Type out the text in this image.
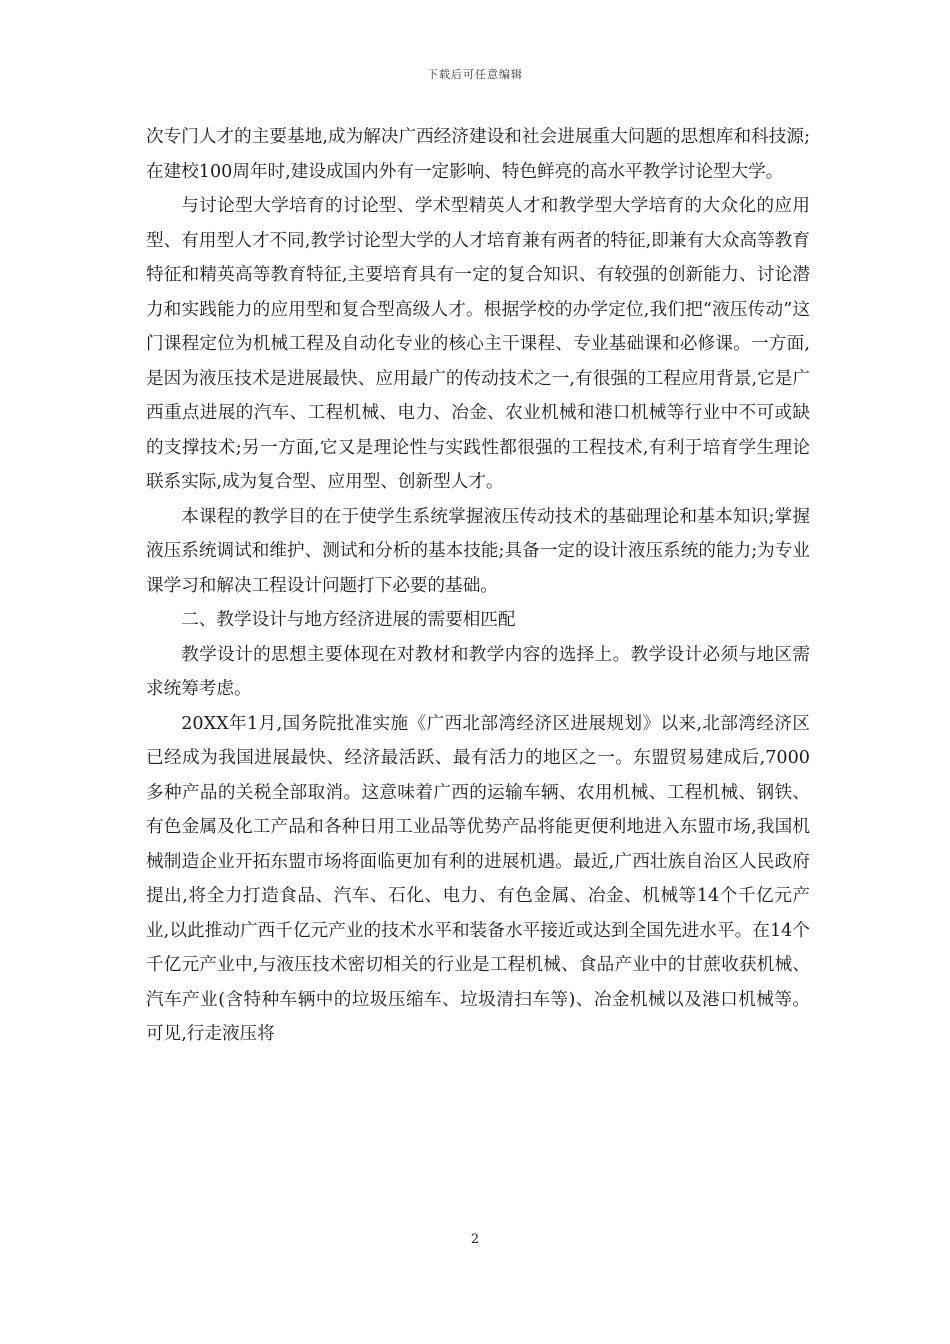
下载后可任意编辑

次专门人才的主要基地,成为解决广西经济建设和社会进展重大问题的思想库和科技源;在建校100周年时,建设成国内外有一定影响、特色鲜亮的高水平教学讨论型大学。

与讨论型大学培育的讨论型、学术型精英人才和教学型大学培育的大众化的应用型、有用型人才不同,教学讨论型大学的人才培育兼有两者的特征,即兼有大众高等教育特征和精英高等教育特征,主要培育具有一定的复合知识、有较强的创新能力、讨论潜力和实践能力的应用型和复合型高级人才。根据学校的办学定位,我们把“液压传动”这门课程定位为机械工程及自动化专业的核心主干课程、专业基础课和必修课。一方面,是因为液压技术是进展最快、应用最广的传动技术之一,有很强的工程应用背景,它是广西重点进展的汽车、工程机械、电力、冶金、农业机械和港口机械等行业中不可或缺的支撑技术;另一方面,它又是理论性与实践性都很强的工程技术,有利于培育学生理论联系实际,成为复合型、应用型、创新型人才。

本课程的教学目的在于使学生系统掌握液压传动技术的基础理论和基本知识;掌握液压系统调试和维护、测试和分析的基本技能;具备一定的设计液压系统的能力;为专业课学习和解决工程设计问题打下必要的基础。

二、教学设计与地方经济进展的需要相匹配

教学设计的思想主要体现在对教材和教学内容的选择上。教学设计必须与地区需求统筹考虑。

20XX年1月,国务院批准实施《广西北部湾经济区进展规划》以来,北部湾经济区已经成为我国进展最快、经济最活跃、最有活力的地区之一。东盟贸易建成后,7000多种产品的关税全部取消。这意味着广西的运输车辆、农用机械、工程机械、钢铁、有色金属及化工产品和各种日用工业品等优势产品将能更便利地进入东盟市场,我国机械制造企业开拓东盟市场将面临更加有利的进展机遇。最近,广西壮族自治区人民政府提出,将全力打造食品、汽车、石化、电力、有色金属、冶金、机械等14个千亿元产业,以此推动广西千亿元产业的技术水平和装备水平接近或达到全国先进水平。在14个千亿元产业中,与液压技术密切相关的行业是工程机械、食品产业中的甘蔗收获机械、汽车产业(含特种车辆中的垃圾压缩车、垃圾清扫车等)、冶金机械以及港口机械等。可见,行走液压将

2
